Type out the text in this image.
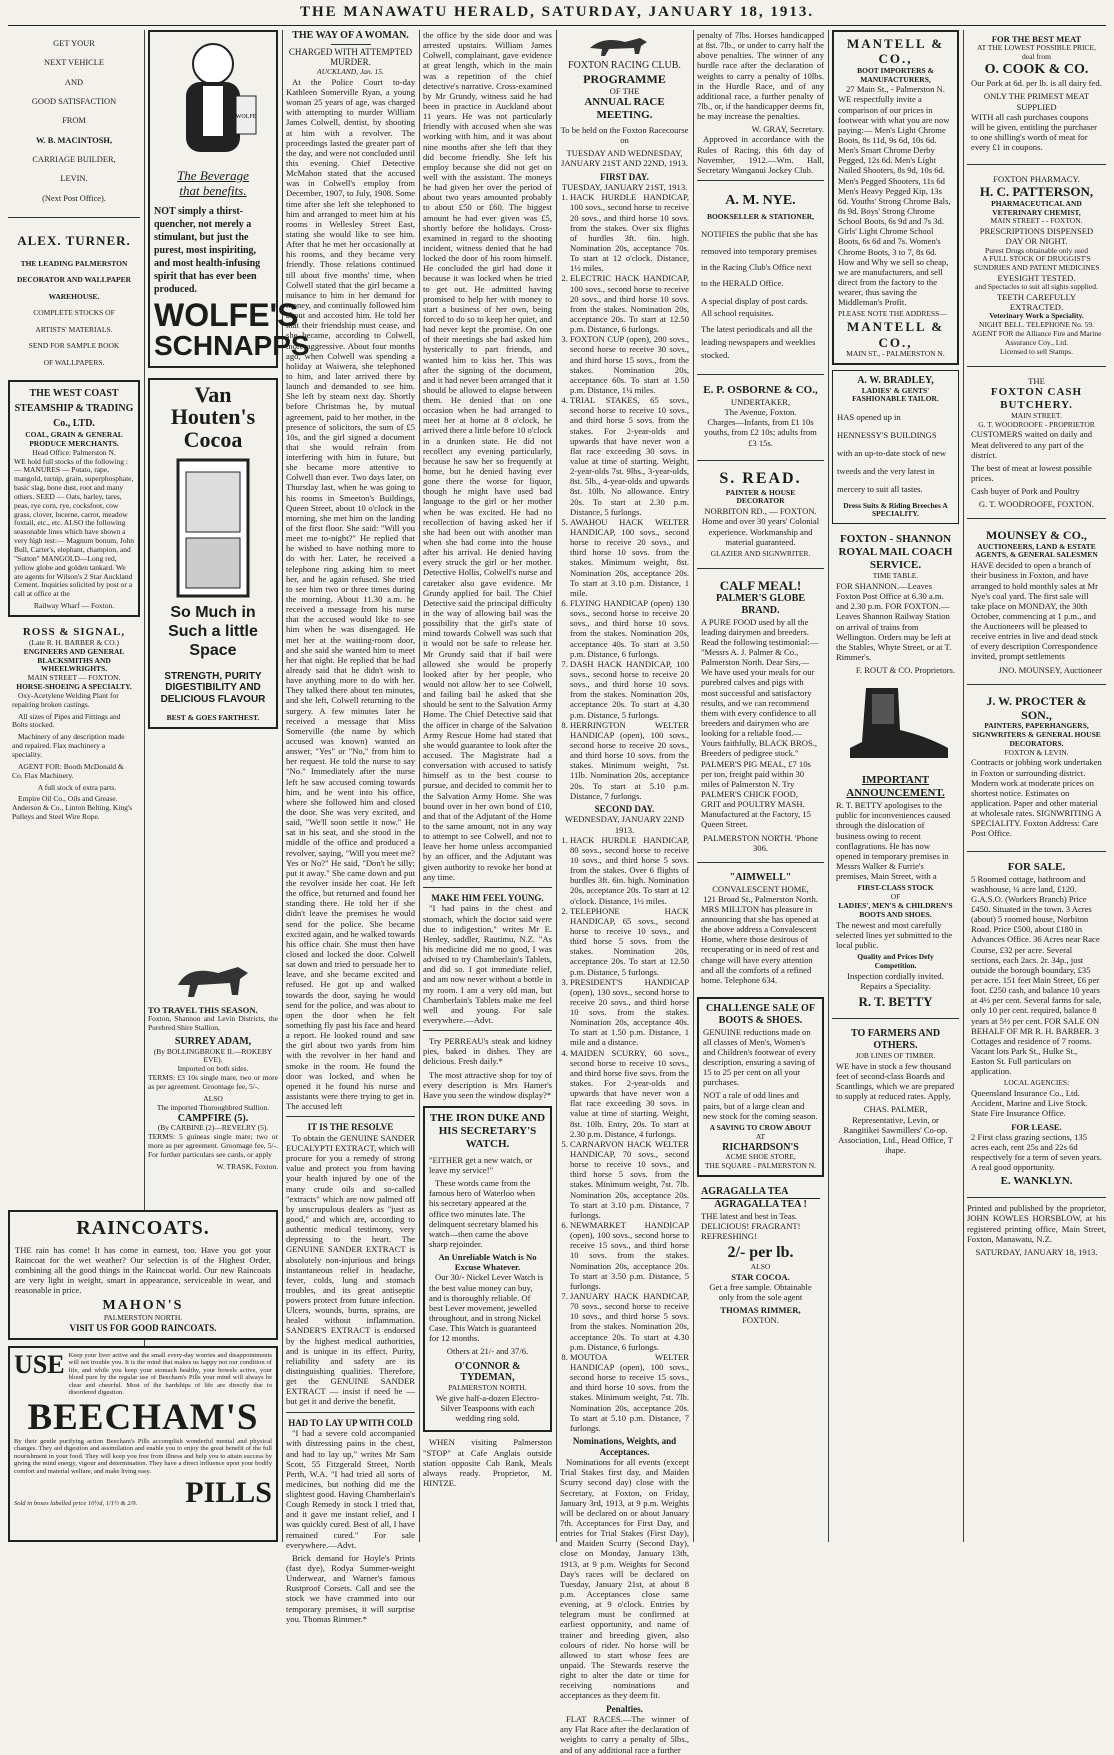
THE MANAWATU HERALD, SATURDAY, JANUARY 18, 1913.
GET YOUR
NEXT VEHICLE
AND
GOOD SATISFACTION
FROM
W. B. MACINTOSH,
CARRIAGE BUILDER,
LEVIN.
(Next Post Office).
ALEX. TURNER.
THE LEADING PALMERSTON
DECORATOR AND WALLPAPER
WAREHOUSE.
COMPLETE STOCKS OF
ARTISTS' MATERIALS.
SEND FOR SAMPLE BOOK
OF WALLPAPERS.
THE WEST COAST STEAMSHIP & TRADING Co., LTD.
COAL, GRAIN & GENERAL PRODUCE MERCHANTS.
Head Office: Palmerston N.

WE hold full stocks of the following :— MANURES — Potato, rape, mangold, turnip, grain, superphosphate, basic slag, bone dust, root and many others. SEED — Oats, barley, tares, peas, rye corn, rye, cocksfoot, cow grass, clover, lucerne, carrot, meadow foxtail, etc., etc. ALSO the following seasonable lines which have shown a very high test:— Magnum bonum, John Bull, Carter's, elephant, champion, and "Sutton" MANGOLD—Long red, yellow globe and golden tankard. We are agents for Wilson's 2 Star Auckland Cement. Inquiries solicited by post or a call at office at the

Railway Wharf — Foxton.
ROSS & SIGNAL,
(Late R. H. BARBER & CO.)
ENGINEERS AND GENERAL BLACKSMITHS AND WHEELWRIGHTS.
MAIN STREET — FOXTON.
HORSE-SHOEING A SPECIALTY.

Oxy-Acetylene Welding Plant for repairing broken castings.

All sizes of Pipes and Fittings and Bolts stocked.

Machinery of any description made and repaired. Flax machinery a speciality.

AGENT FOR: Booth McDonald & Co. Flax Machinery.

A full stock of extra parts.

Empire Oil Co., Oils and Grease. Anderson & Co., Linton Belting, King's Pulleys and Steel Wire Rope.

WOLFE
The Beverage
that benefits.

NOT simply a thirst-quencher, not merely a stimulant, but just the purest, most inspiriting, and most health-infusing spirit that has ever been produced.

WOLFE'S
SCHNAPPS
Van
Houten's
Cocoa
So Much in
Such a little Space
STRENGTH, PURITY DIGESTIBILITY AND DELICIOUS FLAVOUR
BEST & GOES FARTHEST.
TO TRAVEL THIS SEASON.

Foxton, Shannon and Levin Districts, the Purebred Shire Stallion,

SURREY ADAM,
(By BOLLINGBROKE II.—ROKEBY EVE).
Imported on both sides.

TERMS: £3 10s single mare, two or more as per agreement. Groomage fee, 5/-.

ALSO
The imported Thoroughbred Stallion.
CAMPFIRE (5).
(By CARBINE (2)—REVELRY (5).

TERMS: 5 guineas single mare; two or more as per agreement. Groomage fee, 5/-. For further particulars see cards, or apply

W. TRASK, Foxton.
RAINCOATS.

THE rain has come! It has come in earnest, too. Have you got your Raincoat for the wet weather? Our selection is of the Highest Order, combining all the good things in the Raincoat world. Our new Raincoats are very light in weight, smart in appearance, serviceable in wear, and reasonable in price.

MAHON'S
PALMERSTON NORTH.
VISIT US FOR GOOD RAINCOATS.
USE Keep your liver active and the small every-day worries and disappointments will not trouble you. It is the mind that makes us happy not our condition of life, and while you keep your stomach healthy, your bowels active, your blood pure by the regular use of Beecham's Pills your mind will always be clear and cheerful. Most of the hardships of life are directly due to disordered digestion.

BEECHAM'S

By their gentle purifying action Beecham's Pills accomplish wonderful mental and physical changes. They aid digestion and assimilation and enable you to enjoy the great benefit of the full nourishment in your food. They will keep you free from illness and help you to attain success by giving the mind energy, vigour and determination. They have a direct influence upon your bodily comfort and material welfare, and make living easy.

Sold in boxes labelled price 10½d, 1/1½ & 2/9. PILLS
THE WAY OF A WOMAN.
CHARGED WITH ATTEMPTED MURDER.
AUCKLAND, Jan. 15.

At the Police Court to-day Kathleen Somerville Ryan, a young woman 25 years of age, was charged with attempting to murder William James Colwell, dentist, by shooting at him with a revolver. The proceedings lasted the greater part of the day, and were not concluded until this evening. Chief Detective McMahon stated that the accused was in Colwell's employ from December, 1907, to July, 1908. Some time after she left she telephoned to him and arranged to meet him at his rooms in Wellesley Street East, stating she would like to see him. After that he met her occasionally at his rooms, and they became very friendly. Those relations continued till about five months' time, when Colwell stated that the girl became a nuisance to him in her demand for money, and continually followed him about and accosted him. He told her that their friendship must cease, and she became, according to Colwell, more aggressive. About four months ago, when Colwell was spending a holiday at Waiwera, she telephoned to him, and later arrived there by launch and demanded to see him. She left by steam next day. Shortly before Christmas he, by mutual agreement, paid to her mother, in the presence of solicitors, the sum of £5 10s, and the girl signed a document that she would refrain from interfering with him in future, but she became more attentive to Colwell than ever. Two days later, on Thursday last, when he was going to his rooms in Smeeton's Buildings, Queen Street, about 10 o'clock in the morning, she met him on the landing of the first floor. She said: "Will you meet me to-night?" He replied that he wished to have nothing more to do with her. Later, he received a telephone ring asking him to meet her, and he again refused. She tried to see him two or three times during the morning. About 11.30 a.m. he received a message from his nurse that the accused would like to see him when he was disengaged. He met her at the waiting-room door, and she said she wanted him to meet her that night. He replied that he had already said that he didn't wish to have anything more to do with her. They talked there about ten minutes, and she left, Colwell returning to the surgery. A few minutes later he received a message that Miss Somerville (the name by which accused was known) wanted an answer, "Yes" or "No," from him to her request. He told the nurse to say "No." Immediately after the nurse left he saw accused coming towards him, and he went into his office, where she followed him and closed the door. She was very excited, and said, "We'll soon settle it now." He sat in his seat, and she stood in the middle of the office and produced a revolver, saying, "Will you meet me? Yes or No?" He said, "Don't be silly; put it away." She came down and put the revolver inside her coat. He left the office, but returned and found her standing there. He told her if she didn't leave the premises he would send for the police. She became excited again, and he walked towards his office chair. She must then have closed and locked the door. Colwell sat down and tried to persuade her to leave, and she became excited and refused. He got up and walked towards the door, saying he would send for the police, and was about to open the door when he felt something fly past his face and heard a report. He looked round and saw the girl about two yards from him with the revolver in her hand and smoke in the room. He found the door was locked, and when he opened it he found his nurse and assistants were there trying to get in. The accused left

IT IS THE RESOLVE

To obtain the GENUINE SANDER EUCALYPTI EXTRACT, which will procure for you a remedy of strong value and protect you from having your health injured by one of the many crude oils and so-called "extracts" which are now palmed off by unscrupulous dealers as "just as good," and which are, according to authentic medical testimony, very depressing to the heart. The GENUINE SANDER EXTRACT is absolutely non-injurious and brings instantaneous relief in headache, fever, colds, lung and stomach troubles, and its great antiseptic powers protect from future infection. Ulcers, wounds, burns, sprains, are healed without inflammation. SANDER'S EXTRACT is endorsed by the highest medical authorities, and is unique in its effect. Purity, reliability and safety are its distinguishing qualities. Therefore, get the GENUINE SANDER EXTRACT — insist if need be — but get it and derive the benefit.

HAD TO LAY UP WITH COLD

"I had a severe cold accompanied with distressing pains in the chest, and had to lay up," writes Mr Sam Scott, 55 Fitzgerald Street, North Perth, W.A. "I had tried all sorts of medicines, but nothing did me the slightest good. Having Chamberlain's Cough Remedy in stock I tried that, and it gave me instant relief, and I was quickly cured. Best of all, I have remained cured." For sale everywhere.—Advt.

Brick demand for Hoyle's Prints (fast dye), Rodya Summer-weight Underwear, and Warner's famous Rustproof Corsets. Call and see the stock we have crammed into our temporary premises, it will surprise you. Thomas Rimmer.*

the office by the side door and was arrested upstairs. William James Colwell, complainant, gave evidence at great length, which in the main was a repetition of the chief detective's narrative. Cross-examined by Mr Grundy, witness said he had been in practice in Auckland about 11 years. He was not particularly friendly with accused when she was working with him, and it was about nine months after she left that they did become friendly. She left his employ because she did not get on well with the assistant. The moneys he had given her over the period of about two years amounted probably to about £50 or £60. The biggest amount he had ever given was £5, shortly before the holidays. Cross-examined in regard to the shooting incident, witness denied that he had locked the door of his room himself. He concluded the girl had done it because it was locked when he tried to get out. He admitted having promised to help her with money to start a business of her own, being forced to do so to keep her quiet, and had never kept the promise. On one of their meetings she had asked him hysterically to part friends, and wanted him to kiss her. This was after the signing of the document, and it had never been arranged that it should be allowed to elapse between them. He denied that on one occasion when he had arranged to meet her at home at 8 o'clock, he arrived there a little before 10 o'clock in a drunken state. He did not recollect any evening particularly, because he saw her so frequently at home, but he denied having ever gone there the worse for liquor, though he might have used bad language to the girl or her mother when he was excited. He had no recollection of having asked her if she had been out with another man when she had come into the house after his arrival. He denied having every struck the girl or her mother. Detective Hollis, Colwell's nurse and caretaker also gave evidence. Mr Grundy applied for bail. The Chief Detective said the principal difficulty in the way of allowing bail was the possibility that the girl's state of mind towards Colwell was such that it would not be safe to release her. Mr Grundy said that if bail were allowed she would be properly looked after by her people, who would not allow her to see Colwell, and failing bail he asked that she should be sent to the Salvation Army Home. The Chief Detective said that the officer in charge of the Salvation Army Rescue Home had stated that she would guarantee to look after the accused. The Magistrate had a conversation with accused to satisfy himself as to the best course to pursue, and decided to commit her to the Salvation Army Home. She was bound over in her own bond of £10, and that of the Adjutant of the Home to the same amount, not in any way to attempt to see Colwell, and not to leave her home unless accompanied by an officer, and the Adjutant was given authority to revoke her bond at any time.

MAKE HIM FEEL YOUNG.

"I had pains in the chest and stomach, which the doctor said were due to indigestion," writes Mr E. Henley, saddler, Rautimu, N.Z. "As his medicine did me no good, I was advised to try Chamberlain's Tablets, and did so. I got immediate relief, and am now never without a bottle in my room. I am a very old man, but Chamberlain's Tablets make me feel well and young. For sale everywhere.—Advt.

Try PERREAU's steak and kidney pies, baked in dishes. They are delicious. Fresh daily.*

The most attractive shop for toy of every description is Mrs Hamer's Have you seen the window display?*

THE IRON DUKE AND HIS SECRETARY'S WATCH.

"EITHER get a new watch, or leave my service!"

These words came from the famous hero of Waterloo when his secretary appeared at the office two minutes late. The delinquent secretary blamed his watch—then came the above sharp rejoinder.

An Unreliable Watch is No Excuse Whatever.

Our 30/- Nickel Lever Watch is the best value money can buy, and is thoroughly reliable. Of best Lever movement, jewelled throughout, and in strong Nickel Case. This Watch is guaranteed for 12 months.

Others at 21/- and 37/6.
O'CONNOR & TYDEMAN,
PALMERSTON NORTH.

We give half-a-dozen Electro-Silver Teaspoons with each wedding ring sold.

WHEN visiting Palmerston "STOP" at Cafe Anglais outside station opposite Cab Rank, Meals always ready. Proprietor, M. HINTZE.

FOXTON RACING CLUB.
PROGRAMME
OF THE
ANNUAL RACE MEETING.

To be held on the Foxton Racecourse on

TUESDAY AND WEDNESDAY, JANUARY 21ST AND 22ND, 1913.
FIRST DAY.
TUESDAY, JANUARY 21ST, 1913.
1. HACK HURDLE HANDICAP, 100 sovs., second horse to receive 20 sovs., and third horse 10 sovs. from the stakes. Over six flights of hurdles 3ft. 6in. high. Nomination 20s, acceptance 70s. To start at 12 o'clock. Distance, 1½ miles.
2. ELECTRIC HACK HANDICAP, 100 sovs., second horse to receive 20 sovs., and third horse 10 sovs. from the stakes. Nomination 20s, acceptance 20s. To start at 12.50 p.m. Distance, 6 furlongs.
3. FOXTON CUP (open), 200 sovs., second horse to receive 30 sovs., and third horse 15 sovs., from the stakes. Nomination 20s, acceptance 60s. To start at 1.50 p.m. Distance, 1¼ miles.
4. TRIAL STAKES, 65 sovs., second horse to receive 10 sovs., and third horse 5 sovs. from the stakes. For 2-year-olds and upwards that have never won a flat race exceeding 30 sovs. in value at time of starting. Weight, 2-year-olds 7st. 9lbs., 3-year-olds, 8st. 5lb., 4-year-olds and upwards 8st. 10lb. No allowance. Entry 20s. To start at 2.30 p.m. Distance, 5 furlongs.
5. AWAHOU HACK WELTER HANDICAP, 100 sovs., second horse to receive 20 sovs., and third horse 10 sovs. from the stakes. Minimum weight, 8st. Nomination 20s, acceptance 20s. To start at 3.10 p.m. Distance, 1 mile.
6. FLYING HANDICAP (open) 130 sovs., second horse to receive 20 sovs., and third horse 10 sovs. from the stakes. Nomination 20s, acceptance 40s. To start at 3.50 p.m. Distance, 6 furlongs.
7. DASH HACK HANDICAP, 100 sovs., second horse to receive 20 sovs., and third horse 10 sovs. from the stakes. Nomination 20s, acceptance 20s. To start at 4.30 p.m. Distance, 5 furlongs.
8. HERRINGTON WELTER HANDICAP (open), 100 sovs., second horse to receive 20 sovs., and third horse 10 sovs. from the stakes. Minimum weight, 7st. 11lb. Nomination 20s, acceptance 20s. To start at 5.10 p.m. Distance, 7 furlongs.
SECOND DAY.
WEDNESDAY, JANUARY 22ND 1913.
1. HACK HURDLE HANDICAP, 80 sovs., second horse to receive 10 sovs., and third horse 5 sovs. from the stakes. Over 6 flights of hurdles 3ft. 6in. high. Nomination 20s, acceptance 20s. To start at 12 o'clock. Distance, 1½ miles.
2. TELEPHONE HACK HANDICAP, 65 sovs., second horse to receive 10 sovs., and third horse 5 sovs. from the stakes. Nomination 20s, acceptance 20s. To start at 12.50 p.m. Distance, 5 furlongs.
3. PRESIDENT'S HANDICAP (open), 130 sovs., second horse to receive 20 sovs., and third horse 10 sovs. from the stakes. Nomination 20s, acceptance 40s. To start at 1.50 p.m. Distance, 1 mile and a distance.
4. MAIDEN SCURRY, 60 sovs., second horse to receive 10 sovs., and third horse five sovs. from the stakes. For 2-year-olds and upwards that have never won a flat race exceeding 30 sovs. in value at time of starting. Weight, 8st. 10lb. Entry, 20s. To start at 2.30 p.m. Distance, 4 furlongs.
5. CARNARVON HACK WELTER HANDICAP, 70 sovs., second horse to receive 10 sovs., and third horse 5 sovs. from the stakes. Minimum weight, 7st. 7lb. Nomination 20s, acceptance 20s. To start at 3.10 p.m. Distance, 7 furlongs.
6. NEWMARKET HANDICAP (open), 100 sovs., second horse to receive 15 sovs., and third horse 10 sovs. from the stakes. Nomination 20s, acceptance 20s. To start at 3.50 p.m. Distance, 5 furlongs.
7. JANUARY HACK HANDICAP, 70 sovs., second horse to receive 10 sovs., and third horse 5 sovs. from the stakes. Nomination 20s, acceptance 20s. To start at 4.30 p.m. Distance, 6 furlongs.
8. MOUTOA WELTER HANDICAP (open), 100 sovs., second horse to receive 15 sovs., and third horse 10 sovs. from the stakes. Minimum weight, 7st. 7lb. Nomination 20s, acceptance 20s. To start at 5.10 p.m. Distance, 7 furlongs.
Nominations, Weights, and Acceptances.

Nominations for all events (except Trial Stakes first day, and Maiden Scurry second day) close with the Secretary, at Foxton, on Friday, January 3rd, 1913, at 9 p.m. Weights will be declared on or about January 7th. Acceptances for First Day, and entries for Trial Stakes (First Day), and Maiden Scurry (Second Day), close on Monday, January 13th, 1913, at 9 p.m. Weights for Second Day's races will be declared on Tuesday, January 21st, at about 8 p.m. Acceptances close same evening, at 9 o'clock. Entries by telegram must be confirmed at earliest opportunity, and name of trainer and breeding given, also colours of rider. No horse will be allowed to start whose fees are unpaid. The Stewards reserve the right to alter the date or time for receiving nominations and acceptances as they deem fit.

Penalties.

FLAT RACES.—The winner of any Flat Race after the declaration of weights to carry a penalty of 5lbs., and of any additional race a further

penalty of 7lbs. Horses handicapped at 8st. 7lb., or under to carry half the above penalties. The winner of any hurdle race after the declaration of weights to carry a penalty of 10lbs. in the Hurdle Race, and of any additional race, a further penalty of 7lb., or, if the handicapper deems fit, he may increase the penalties.

W. GRAY, Secretary.

Approved in accordance with the Rules of Racing, this 6th day of November, 1912.—Wm. Hall, Secretary Wanganui Jockey Club.

A. M. NYE.
BOOKSELLER & STATIONER,

NOTIFIES the public that she has removed into temporary premises in the Racing Club's Office next to the HERALD Office.

A special display of post cards. All school requisites.

The latest periodicals and all the leading newspapers and weeklies stocked.

E. P. OSBORNE & CO.,
UNDERTAKER,
The Avenue, Foxton.

Charges—Infants, from £1 10s youths, from £2 10s; adults from £3 15s.

S. READ.
PAINTER & HOUSE DECORATOR
NORBITON RD., — FOXTON.

Home and over 30 years' Colonial experience. Workmanship and material guaranteed.

GLAZIER AND SIGNWRITER.
CALF MEAL!
PALMER'S GLOBE BRAND.

A PURE FOOD used by all the leading dairymen and breeders. Read the following testimonial:— "Messrs A. J. Palmer & Co., Palmerston North. Dear Sirs,—We have used your meals for our purebred calves and pigs with most successful and satisfactory results, and we can recommend them with every confidence to all breeders and dairymen who are looking for a reliable food.—Yours faithfully, BLACK BROS., Breeders of pedigree stock." PALMER'S PIG MEAL, £7 10s per ton, freight paid within 30 miles of Palmerston N. Try PALMER'S CHICK FOOD, GRIT and POULTRY MASH. Manufactured at the Factory, 15 Queen Street.

PALMERSTON NORTH. 'Phone 306.
"AIMWELL"
CONVALESCENT HOME,
121 Broad St., Palmerston North.

MRS MILLTON has pleasure in announcing that she has opened at the above address a Convalescent Home, where those desirous of recuperating or in need of rest and change will have every attention and all the comforts of a refined home. Telephone 634.

CHALLENGE SALE OF BOOTS & SHOES.

GENUINE reductions made on all classes of Men's, Women's and Children's footwear of every description, ensuring a saving of 15 to 25 per cent on all your purchases.

NOT a rale of odd lines and pairs, but of a large clean and new stock for the coming season.

A SAVING TO CROW ABOUT
AT
RICHARDSON'S
ACME SHOE STORE,
THE SQUARE - PALMERSTON N.
AGRAGALLA TEA
AGRAGALLA TEA !

THE latest and best in Teas. DELICIOUS! FRAGRANT! REFRESHING!

2/- per lb.
ALSO
STAR COCOA.

Get a free sample. Obtainable only from the sole agent

THOMAS RIMMER,
FOXTON.
MANTELL & CO.,
BOOT IMPORTERS & MANUFACTURERS,
27 Main St., - Palmerston N.

WE respectfully invite a comparison of our prices in footwear with what you are now paying:— Men's Light Chrome Boots, 8s 11d, 9s 6d, 10s 6d. Men's Smart Chrome Derby Pegged, 12s 6d. Men's Light Nailed Shooters, 8s 9d, 10s 6d. Men's Pegged Shooters, 11s 6d Men's Heavy Pegged Kip, 13s 6d. Youths' Strong Chrome Bals, 8s 9d. Boys' Strong Chrome School Boots, 6s 9d and 7s 3d. Girls' Light Chrome School Boots, 6s 6d and 7s. Women's Chrome Boots, 3 to 7, 8s 6d. How and Why we sell so cheap, we are manufacturers, and sell direct from the factory to the wearer, thus saving the Middleman's Profit.

PLEASE NOTE THE ADDRESS—
MANTELL & CO.,
MAIN ST., - PALMERSTON N.
A. W. BRADLEY,
LADIES' & GENTS' FASHIONABLE TAILOR.

HAS opened up in HENNESSY'S BUILDINGS with an up-to-date stock of new tweeds and the very latest in mercery to suit all tastes.

Dress Suits & Riding Breeches A SPECIALITY.
FOXTON - SHANNON ROYAL MAIL COACH SERVICE.
TIME TABLE.

FOR SHANNON.—Leaves Foxton Post Office at 6.30 a.m. and 2.30 p.m. FOR FOXTON.—Leaves Shannon Railway Station on arrival of trains from Wellington. Orders may be left at the Stables, Whyte Street, or at T. Rimmer's.

F. ROUT & CO. Proprietors.
IMPORTANT ANNOUNCEMENT.

R. T. BETTY apologises to the public for inconveniences caused through the dislocation of business owing to recent conflagrations. He has now opened in temporary premises in Messrs Walker & Furrie's premises, Main Street, with a

FIRST-CLASS STOCK
OF
LADIES', MEN'S & CHILDREN'S BOOTS AND SHOES.

The newest and most carefully selected lines yet submitted to the local public.

Quality and Prices Defy Competition.

Inspection cordially invited. Repairs a Speciality.

R. T. BETTY
TO FARMERS AND OTHERS.
JOB LINES OF TIMBER.

WE have in stock a few thousand feet of second-class Boards and Scantlings, which we are prepared to supply at reduced rates. Apply,

CHAS. PALMER,

Representative, Levin, or Rangitikei Sawmillers' Co-op. Association, Ltd., Head Office, T ihape.

FOR THE BEST MEAT
AT THE LOWEST POSSIBLE PRICE, deal from
O. COOK & CO.

Our Pork at 6d. per lb. is all dairy fed.

ONLY THE PRIMEST MEAT SUPPLIED

WITH all cash purchases coupons will be given, entitling the purchaser to one shilling's worth of meat for every £1 in coupons.

FOXTON PHARMACY.
H. C. PATTERSON,
PHARMACEUTICAL AND VETERINARY CHEMIST,
MAIN STREET - - FOXTON.
PRESCRIPTIONS DISPENSED DAY OR NIGHT.
Purest Drugs obtainable only used
A FULL STOCK OF DRUGGIST'S SUNDRIES AND PATENT MEDICINES
EYESIGHT TESTED.
and Spectacles to suit all sights supplied.
TEETH CAREFULLY EXTRACTED.
Veterinary Work a Speciality.
NIGHT BELL. TELEPHONE No. 59.
AGENT FOR the Alliance Fire and Marine Assurance Coy., Ltd.
Licensed to sell Stamps.
THE
FOXTON CASH BUTCHERY.
MAIN STREET.
G. T. WOODROOFE - PROPRIETOR

CUSTOMERS waited on daily and Meat delivered to any part of the district.

The best of meat at lowest possible prices.

Cash buyer of Pork and Poultry

G. T. WOODROOFE, FOXTON.
MOUNSEY & CO.,
AUCTIONEERS, LAND & ESTATE AGENTS, & GENERAL SALESMEN

HAVE decided to open a branch of their business in Foxton, and have arranged to hold monthly sales at Mr Nye's coal yard. The first sale will take place on MONDAY, the 30th October, commencing at 1 p.m., and the Auctioneers will be pleased to receive entries in live and dead stock of every description Correspondence invited, prompt settlements

JNO. MOUNSEY, Auctioneer
J. W. PROCTER & SON.,
PAINTERS, PAPERHANGERS, SIGNWRITERS & GENERAL HOUSE DECORATORS.
FOXTON & LEVIN.

Contracts or jobbing work undertaken in Foxton or surrounding district. Modern work at moderate prices on shortest notice. Estimates on application. Paper and other material at wholesale rates. SIGNWRITING A SPECIALITY. Foxton Address: Care Post Office.

FOR SALE.

5 Roomed cottage, bathroom and washhouse, ¼ acre land, £120. G.A.S.O. (Workers Branch) Price £450. Situated in the town. 3 Acres (about) 5 roomed house, Norbiton Road. Price £500, about £180 in Advances Office. 36 Acres near Race Course, £32 per acre. Several sections, each 2acs. 2r. 34p., just outside the borough boundary, £35 per acre. 151 feet Main Street, £6 per foot. £250 cash, and balance 10 years at 4½ per cent. Several farms for sale, only 10 per cent. required, balance 8 years at 5½ per cent. FOR SALE ON BEHALF OF MR R. H. BARBER. 3 Cottages and residence of 7 rooms. Vacant lots Park St., Hulke St., Easton St. Full particulars on application.

LOCAL AGENCIES:

Queensland Insurance Co., Ltd. Accident, Marine and Live Stock. State Fire Insurance Office.

FOR LEASE.

2 First class grazing sections, 135 acres each, rent 25s and 22s 6d respectively for a term of seven years. A real good opportunity.

E. WANKLYN.

Printed and published by the proprietor, JOHN KOWLES HORSBLOW, at his registered printing office, Main Street, Foxton, Manawatu, N.Z.

SATURDAY, JANUARY 18, 1913.
